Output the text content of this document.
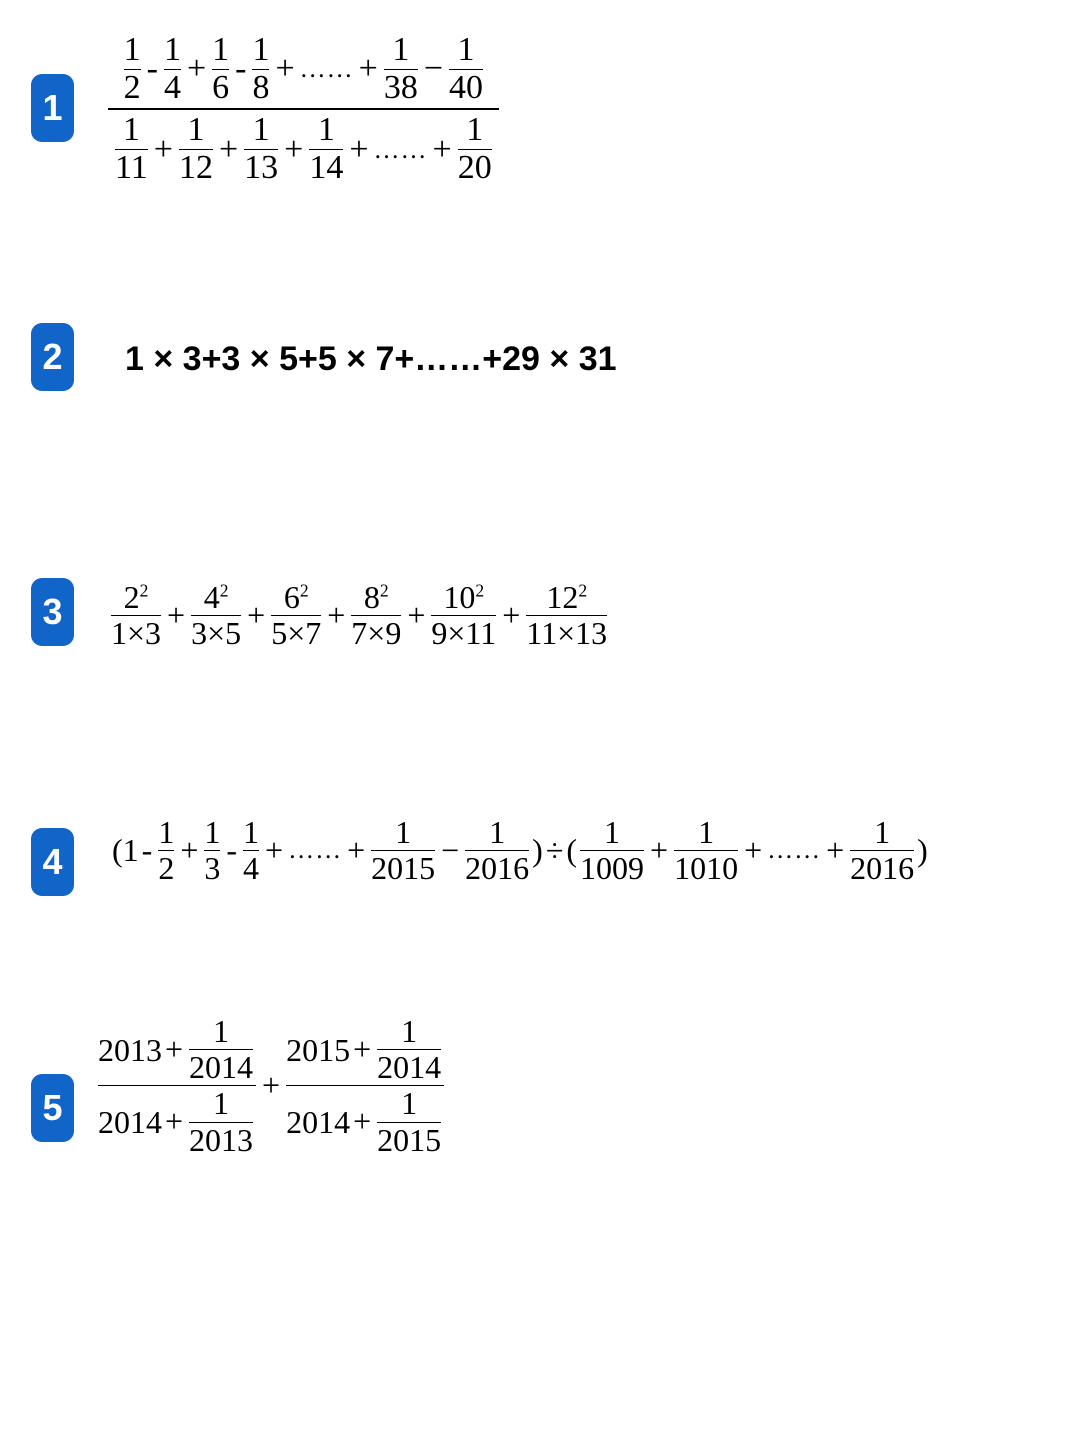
1
2
3
4
5
$\frac{\frac{1}{2} - \frac{1}{4} + \frac{1}{6} - \frac{1}{8} + \dots\dots + \frac{1}{38} - \frac{1}{40}}{\frac{1}{11} + \frac{1}{12} + \frac{1}{13} + \frac{1}{14} + \dots\dots + \frac{1}{20}}$
1 × 3+3 × 5+5 × 7+……+29 × 31
$\frac{2^2}{1\times 3} + \frac{4^2}{3\times 5} + \frac{6^2}{5\times 7} + \frac{8^2}{7\times 9} + \frac{10^2}{9\times 11} + \frac{12^2}{11\times 13}$
($1 - \frac{1}{2} + \frac{1}{3} - \frac{1}{4}$ + …… + $\frac{1}{2015} - \frac{1}{2016}$ ) ÷ ( $\frac{1}{1009} + \frac{1}{1010}$ + …… + $\frac{1}{2016}$ )
$\frac{2013 + \frac{1}{2014}}{2014 + \frac{1}{2013}} + \frac{2015 + \frac{1}{2014}}{2014 + \frac{1}{2015}}$
